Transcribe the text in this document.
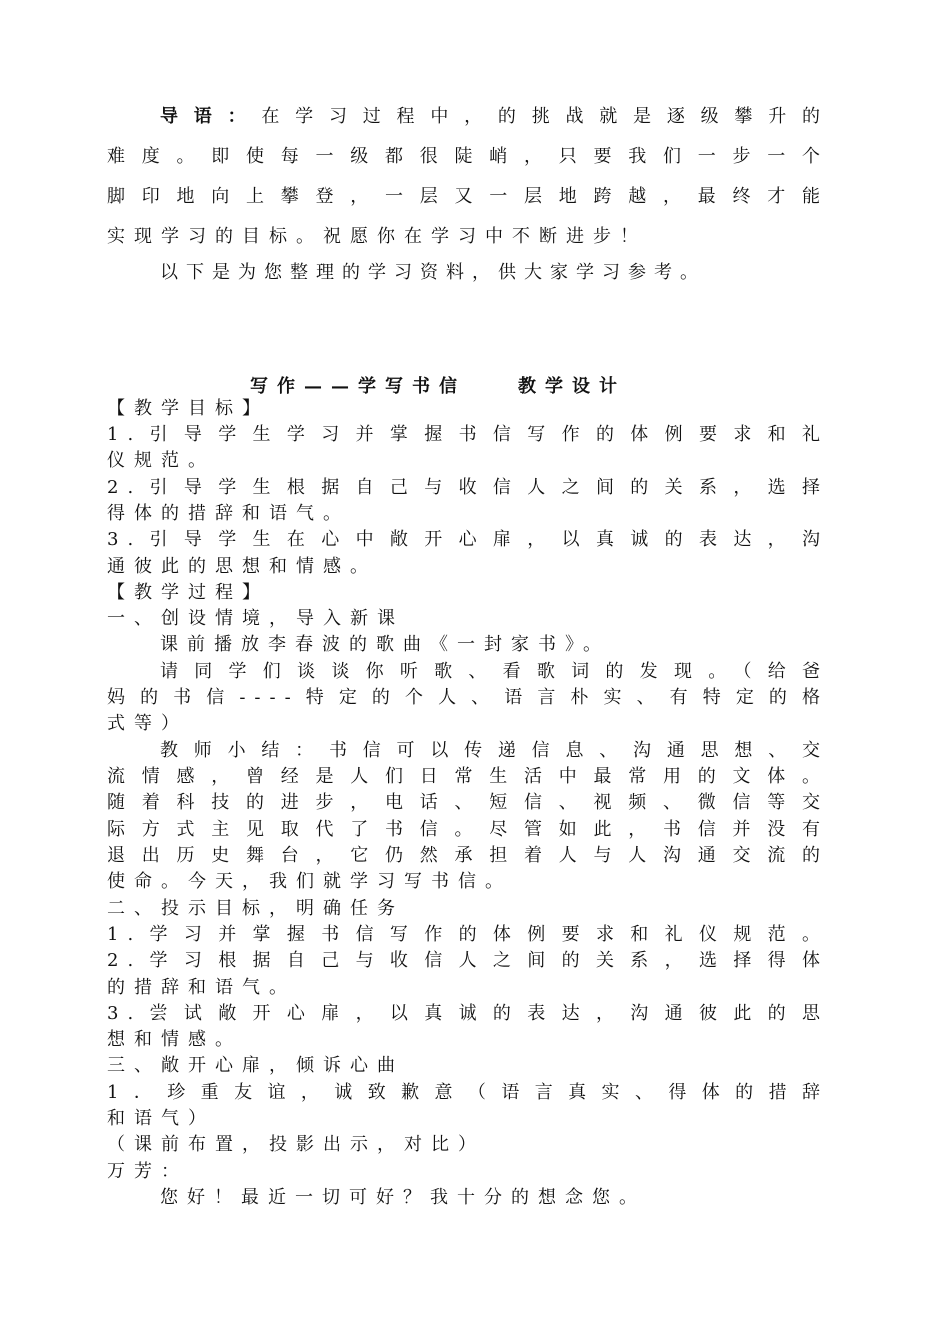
导语：在学习过程中，的挑战就是逐级攀升的
难度。即使每一级都很陡峭，只要我们一步一个
脚印地向上攀登，一层又一层地跨越，最终才能
实现学习的目标。祝愿你在学习中不断进步！
以下是为您整理的学习资料，供大家学习参考。
写作——学写书信	教学设计
【教学目标】
1.引导学生学习并掌握书信写作的体例要求和礼
仪规范。
2.引导学生根据自己与收信人之间的关系，选择
得体的措辞和语气。
3.引导学生在心中敞开心扉，以真诚的表达，沟
通彼此的思想和情感。
【教学过程】
一、创设情境，导入新课
课前播放李春波的歌曲《一封家书》。
请同学们谈谈你听歌、看歌词的发现。（给爸
妈的书信----特定的个人、语言朴实、有特定的格
式等）
教师小结：书信可以传递信息、沟通思想、交
流情感，曾经是人们日常生活中最常用的文体。
随着科技的进步，电话、短信、视频、微信等交
际方式主见取代了书信。尽管如此，书信并没有
退出历史舞台，它仍然承担着人与人沟通交流的
使命。今天，我们就学习写书信。
二、投示目标，明确任务
1.学习并掌握书信写作的体例要求和礼仪规范。
2.学习根据自己与收信人之间的关系，选择得体
的措辞和语气。
3.尝试敞开心扉，以真诚的表达，沟通彼此的思
想和情感。
三、敞开心扉，倾诉心曲
1．珍重友谊，诚致歉意（语言真实、得体的措辞
和语气）
（课前布置，投影出示，对比）
万芳：
您好！最近一切可好？我十分的想念您。
